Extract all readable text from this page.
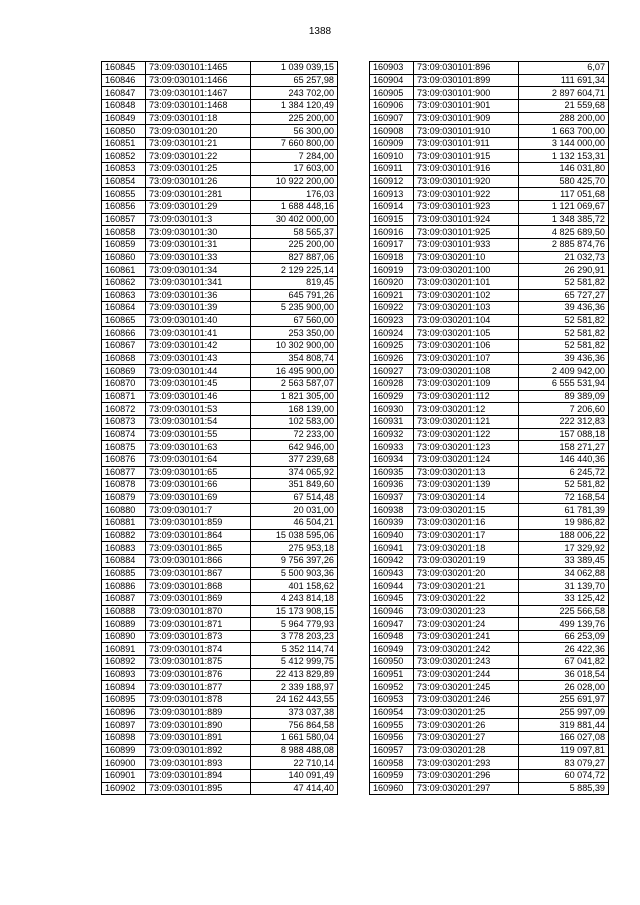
1388
160845	73:09:030101:1465	1 039 039,15
160846	73:09:030101:1466	65 257,98
160847	73:09:030101:1467	243 702,00
160848	73:09:030101:1468	1 384 120,49
160849	73:09:030101:18	225 200,00
160850	73:09:030101:20	56 300,00
160851	73:09:030101:21	7 660 800,00
160852	73:09:030101:22	7 284,00
160853	73:09:030101:25	17 603,00
160854	73:09:030101:26	10 922 200,00
160855	73:09:030101:281	176,03
160856	73:09:030101:29	1 688 448,16
160857	73:09:030101:3	30 402 000,00
160858	73:09:030101:30	58 565,37
160859	73:09:030101:31	225 200,00
160860	73:09:030101:33	827 887,06
160861	73:09:030101:34	2 129 225,14
160862	73:09:030101:341	819,45
160863	73:09:030101:36	645 791,26
160864	73:09:030101:39	5 235 900,00
160865	73:09:030101:40	67 560,00
160866	73:09:030101:41	253 350,00
160867	73:09:030101:42	10 302 900,00
160868	73:09:030101:43	354 808,74
160869	73:09:030101:44	16 495 900,00
160870	73:09:030101:45	2 563 587,07
160871	73:09:030101:46	1 821 305,00
160872	73:09:030101:53	168 139,00
160873	73:09:030101:54	102 583,00
160874	73:09:030101:55	72 233,00
160875	73:09:030101:63	642 946,00
160876	73:09:030101:64	377 239,68
160877	73:09:030101:65	374 065,92
160878	73:09:030101:66	351 849,60
160879	73:09:030101:69	67 514,48
160880	73:09:030101:7	20 031,00
160881	73:09:030101:859	46 504,21
160882	73:09:030101:864	15 038 595,06
160883	73:09:030101:865	275 953,18
160884	73:09:030101:866	9 756 397,26
160885	73:09:030101:867	5 500 903,36
160886	73:09:030101:868	401 158,62
160887	73:09:030101:869	4 243 814,18
160888	73:09:030101:870	15 173 908,15
160889	73:09:030101:871	5 964 779,93
160890	73:09:030101:873	3 778 203,23
160891	73:09:030101:874	5 352 114,74
160892	73:09:030101:875	5 412 999,75
160893	73:09:030101:876	22 413 829,89
160894	73:09:030101:877	2 339 188,97
160895	73:09:030101:878	24 162 443,55
160896	73:09:030101:889	373 037,38
160897	73:09:030101:890	756 864,58
160898	73:09:030101:891	1 661 580,04
160899	73:09:030101:892	8 988 488,08
160900	73:09:030101:893	22 710,14
160901	73:09:030101:894	140 091,49
160902	73:09:030101:895	47 414,40
160903	73:09:030101:896	6,07
160904	73:09:030101:899	111 691,34
160905	73:09:030101:900	2 897 604,71
160906	73:09:030101:901	21 559,68
160907	73:09:030101:909	288 200,00
160908	73:09:030101:910	1 663 700,00
160909	73:09:030101:911	3 144 000,00
160910	73:09:030101:915	1 132 153,31
160911	73:09:030101:916	146 031,80
160912	73:09:030101:920	580 425,70
160913	73:09:030101:922	117 051,68
160914	73:09:030101:923	1 121 069,67
160915	73:09:030101:924	1 348 385,72
160916	73:09:030101:925	4 825 689,50
160917	73:09:030101:933	2 885 874,76
160918	73:09:030201:10	21 032,73
160919	73:09:030201:100	26 290,91
160920	73:09:030201:101	52 581,82
160921	73:09:030201:102	65 727,27
160922	73:09:030201:103	39 436,36
160923	73:09:030201:104	52 581,82
160924	73:09:030201:105	52 581,82
160925	73:09:030201:106	52 581,82
160926	73:09:030201:107	39 436,36
160927	73:09:030201:108	2 409 942,00
160928	73:09:030201:109	6 555 531,94
160929	73:09:030201:112	89 389,09
160930	73:09:030201:12	7 206,60
160931	73:09:030201:121	222 312,83
160932	73:09:030201:122	157 088,18
160933	73:09:030201:123	158 271,27
160934	73:09:030201:124	146 440,36
160935	73:09:030201:13	6 245,72
160936	73:09:030201:139	52 581,82
160937	73:09:030201:14	72 168,54
160938	73:09:030201:15	61 781,39
160939	73:09:030201:16	19 986,82
160940	73:09:030201:17	188 006,22
160941	73:09:030201:18	17 329,92
160942	73:09:030201:19	33 389,45
160943	73:09:030201:20	34 062,88
160944	73:09:030201:21	31 139,70
160945	73:09:030201:22	33 125,42
160946	73:09:030201:23	225 566,58
160947	73:09:030201:24	499 139,76
160948	73:09:030201:241	66 253,09
160949	73:09:030201:242	26 422,36
160950	73:09:030201:243	67 041,82
160951	73:09:030201:244	36 018,54
160952	73:09:030201:245	26 028,00
160953	73:09:030201:246	255 691,97
160954	73:09:030201:25	255 997,09
160955	73:09:030201:26	319 881,44
160956	73:09:030201:27	166 027,08
160957	73:09:030201:28	119 097,81
160958	73:09:030201:293	83 079,27
160959	73:09:030201:296	60 074,72
160960	73:09:030201:297	5 885,39
